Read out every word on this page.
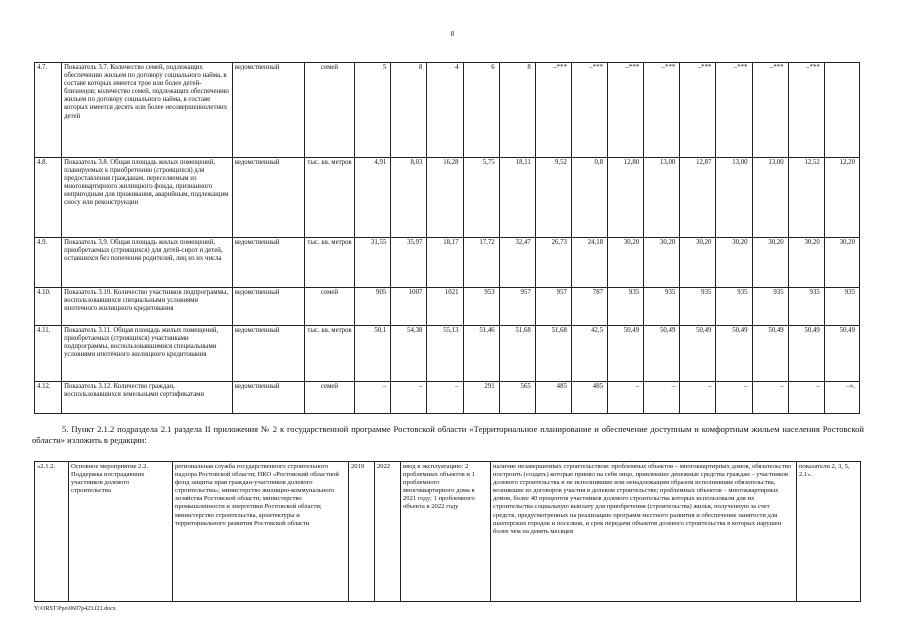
8
4.7.	Показатель 3.7. Количество семей, подлежащих обеспечению жильем по договору социального найма, в составе которых имеется трое или более детей-близнецов; количество семей, подлежащих обеспечению жильем по договору социального найма, в составе которых имеется десять или более несовершеннолетних детей	ведомственный	семей	5	8	4	6	8	–***	–***	–***	–***	–***	–***	–***	–***	
4.8.	Показатель 3.8. Общая площадь жилых помещений, планируемых к приобретению (строящихся) для предоставления гражданам, переселяемым из многоквартирного жилищного фонда, признанного непригодным для проживания, аварийным, подлежащим сносу или реконструкции	ведомственный	тыс. кв. метров	4,91	8,03	16,28	5,75	18,11	9,52	0,8	12,80	13,00	12,87	13,00	13,00	12,52	12,20
4.9.	Показатель 3.9. Общая площадь жилых помещений, приобретаемых (строящихся) для детей-сирот и детей, оставшихся без попечения родителей, лиц из их числа	ведомственный	тыс. кв. метров	31,55	35,97	18,17	17,72	32,47	26,73	24,18	30,20	30,20	30,20	30,20	30,20	30,20	30,20
4.10.	Показатель 3.10. Количество участников подпрограммы, воспользовавшихся специальными условиями ипотечного жилищного кредитования	ведомственный	семей	905	1007	1021	953	957	957	787	935	935	935	935	935	935	935
4.11.	Показатель 3.11. Общая площадь жилых помещений, приобретаемых (строящихся) участниками подпрограммы, воспользовавшимися специальными условиями ипотечного жилищного кредитования	ведомственный	тыс. кв. метров	50,1	54,38	55,13	51,46	51,68	51,68	42,5	50,49	50,49	50,49	50,49	50,49	50,49	50,49
4.12.	Показатель 3.12. Количество граждан, воспользовавшихся земельными сертификатами	ведомственный	семей	–	–	–	291	565	485	485	–	–	–	–	–	–	–».
5. Пункт 2.1.2 подраздела 2.1 раздела II приложения № 2 к государственной программе Ростовской области «Территориальное планирование и обеспечение доступным и комфортным жильем населения Ростовской области» изложить в редакции:
«2.1.2.	Основное мероприятие 2.2. Поддержка пострадавших участников долевого строительства	региональная служба государственного строительного надзора Ростовской области; НКО «Ростовский областной фонд защиты прав граждан-участников долевого строительства»; министерство жилищно-коммунального хозяйства Ростовской области; министерство промышленности и энергетики Ростовской области; министерство строительства, архитектуры и территориального развития Ростовской области	2019	2022	ввод в эксплуатацию: 2 проблемных объектов и 1 проблемного многоквартирного дома в 2021 году; 1 проблемного объекта в 2022 году	наличие незавершенных строительством: проблемных объектов – многоквартирных домов, обязательство построить (создать) которые принял на себя лицо, привлекшее денежные средства граждан – участников долевого строительства и не исполнившие или ненадлежащим образом исполнившие обязательства, возникшие из договоров участия в долевом строительстве; проблемных объектов – многоквартирных домов, более 40 процентов участников долевого строительства которых использовали для их строительства социальную выплату для приобретения (строительства) жилья, полученную за счет средств, предусмотренных на реализацию программ местного развития и обеспечение занятости для шахтерских городов и поселков, и срок передачи объектов долевого строительства в которых нарушен более чем на девять месяцев	показатели 2, 3, 5, 2.1».
Y:\ORST\Ppo\0607p423.f21.docx
